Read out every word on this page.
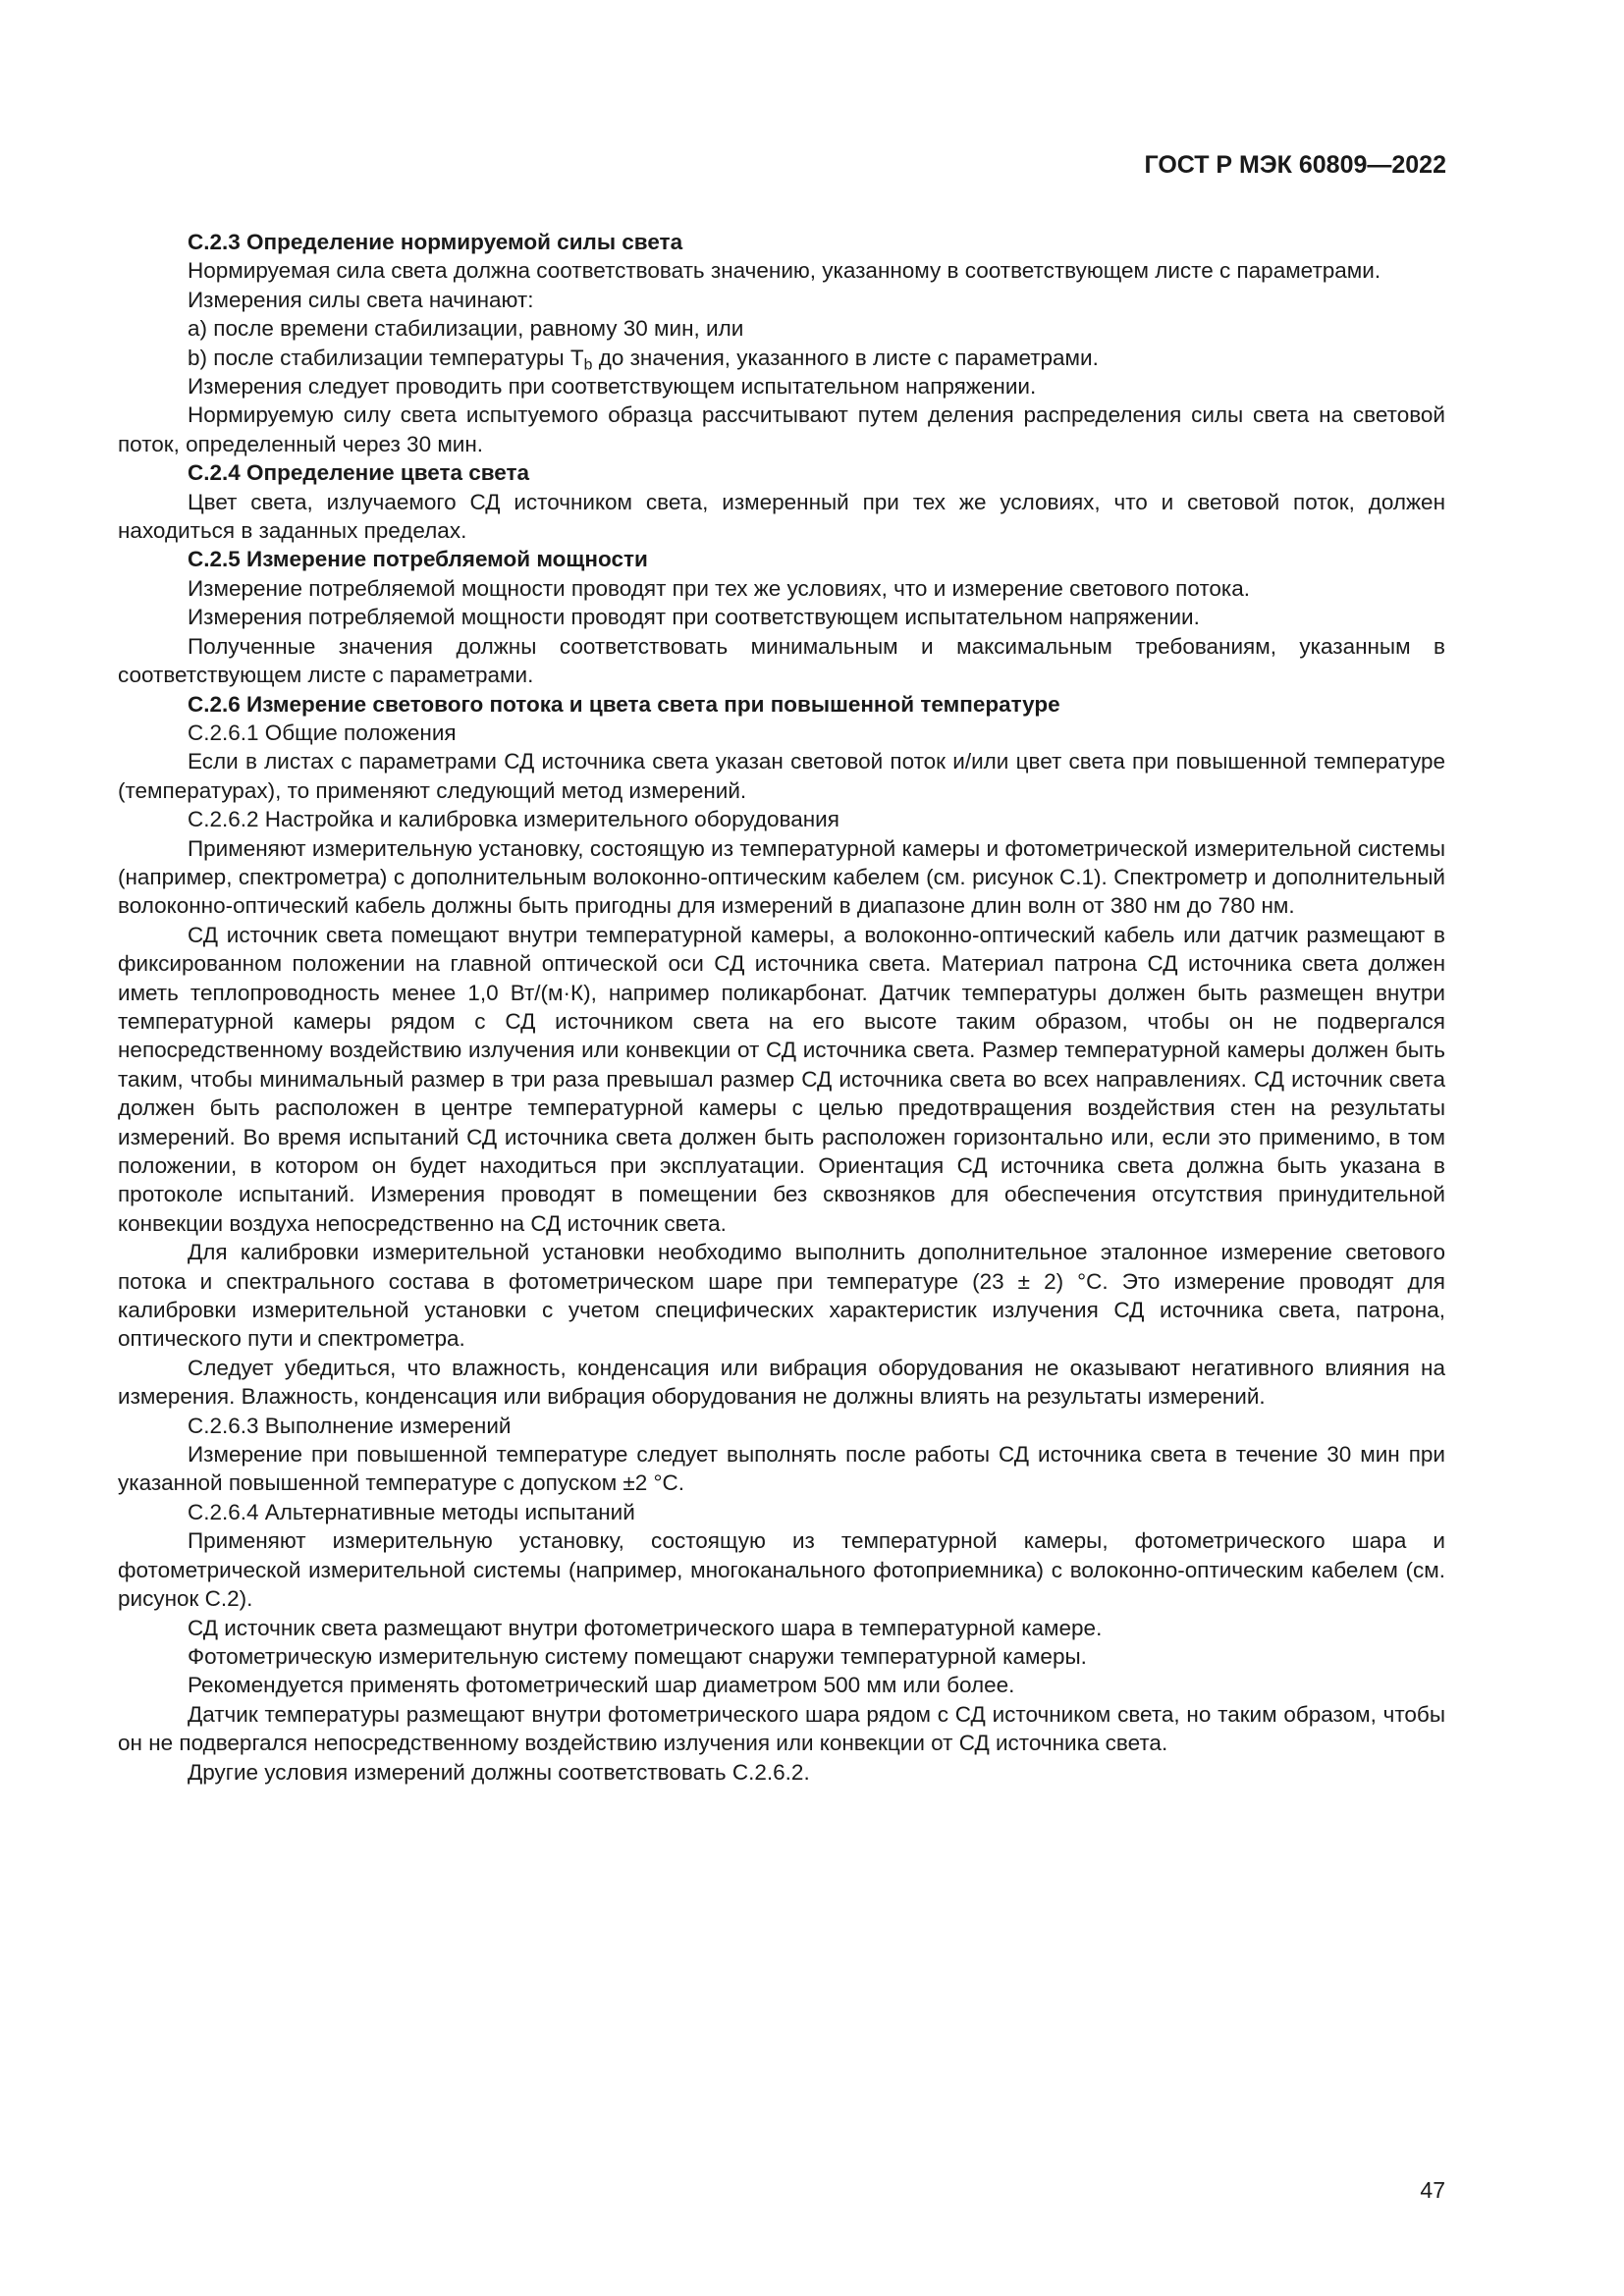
ГОСТ Р МЭК 60809—2022

C.2.3 Определение нормируемой силы света

Нормируемая сила света должна соответствовать значению, указанному в соответствующем листе с параметрами.

Измерения силы света начинают:

a) после времени стабилизации, равному 30 мин, или

b) после стабилизации температуры $T_b$ до значения, указанного в листе с параметрами.

Измерения следует проводить при соответствующем испытательном напряжении.

Нормируемую силу света испытуемого образца рассчитывают путем деления распределения силы света на световой поток, определенный через 30 мин.

C.2.4 Определение цвета света

Цвет света, излучаемого СД источником света, измеренный при тех же условиях, что и световой поток, должен находиться в заданных пределах.

C.2.5 Измерение потребляемой мощности

Измерение потребляемой мощности проводят при тех же условиях, что и измерение светового потока.

Измерения потребляемой мощности проводят при соответствующем испытательном напряжении.

Полученные значения должны соответствовать минимальным и максимальным требованиям, указанным в соответствующем листе с параметрами.

C.2.6 Измерение светового потока и цвета света при повышенной температуре

C.2.6.1 Общие положения

Если в листах с параметрами СД источника света указан световой поток и/или цвет света при повышенной температуре (температурах), то применяют следующий метод измерений.

C.2.6.2 Настройка и калибровка измерительного оборудования

Применяют измерительную установку, состоящую из температурной камеры и фотометрической измерительной системы (например, спектрометра) с дополнительным волоконно-оптическим кабелем (см. рисунок C.1). Спектрометр и дополнительный волоконно-оптический кабель должны быть пригодны для измерений в диапазоне длин волн от 380 нм до 780 нм.

СД источник света помещают внутри температурной камеры, а волоконно-оптический кабель или датчик размещают в фиксированном положении на главной оптической оси СД источника света. Материал патрона СД источника света должен иметь теплопроводность менее 1,0 Вт/(м·К), например поликарбонат. Датчик температуры должен быть размещен внутри температурной камеры рядом с СД источником света на его высоте таким образом, чтобы он не подвергался непосредственному воздействию излучения или конвекции от СД источника света. Размер температурной камеры должен быть таким, чтобы минимальный размер в три раза превышал размер СД источника света во всех направлениях. СД источник света должен быть расположен в центре температурной камеры с целью предотвращения воздействия стен на результаты измерений. Во время испытаний СД источника света должен быть расположен горизонтально или, если это применимо, в том положении, в котором он будет находиться при эксплуатации. Ориентация СД источника света должна быть указана в протоколе испытаний. Измерения проводят в помещении без сквозняков для обеспечения отсутствия принудительной конвекции воздуха непосредственно на СД источник света.

Для калибровки измерительной установки необходимо выполнить дополнительное эталонное измерение светового потока и спектрального состава в фотометрическом шаре при температуре (23 ± 2) °С. Это измерение проводят для калибровки измерительной установки с учетом специфических характеристик излучения СД источника света, патрона, оптического пути и спектрометра.

Следует убедиться, что влажность, конденсация или вибрация оборудования не оказывают негативного влияния на измерения. Влажность, конденсация или вибрация оборудования не должны влиять на результаты измерений.

C.2.6.3 Выполнение измерений

Измерение при повышенной температуре следует выполнять после работы СД источника света в течение 30 мин при указанной повышенной температуре с допуском ±2 °С.

C.2.6.4 Альтернативные методы испытаний

Применяют измерительную установку, состоящую из температурной камеры, фотометрического шара и фотометрической измерительной системы (например, многоканального фотоприемника) с волоконно-оптическим кабелем (см. рисунок C.2).

СД источник света размещают внутри фотометрического шара в температурной камере.

Фотометрическую измерительную систему помещают снаружи температурной камеры.

Рекомендуется применять фотометрический шар диаметром 500 мм или более.

Датчик температуры размещают внутри фотометрического шара рядом с СД источником света, но таким образом, чтобы он не подвергался непосредственному воздействию излучения или конвекции от СД источника света.

Другие условия измерений должны соответствовать C.2.6.2.

47
